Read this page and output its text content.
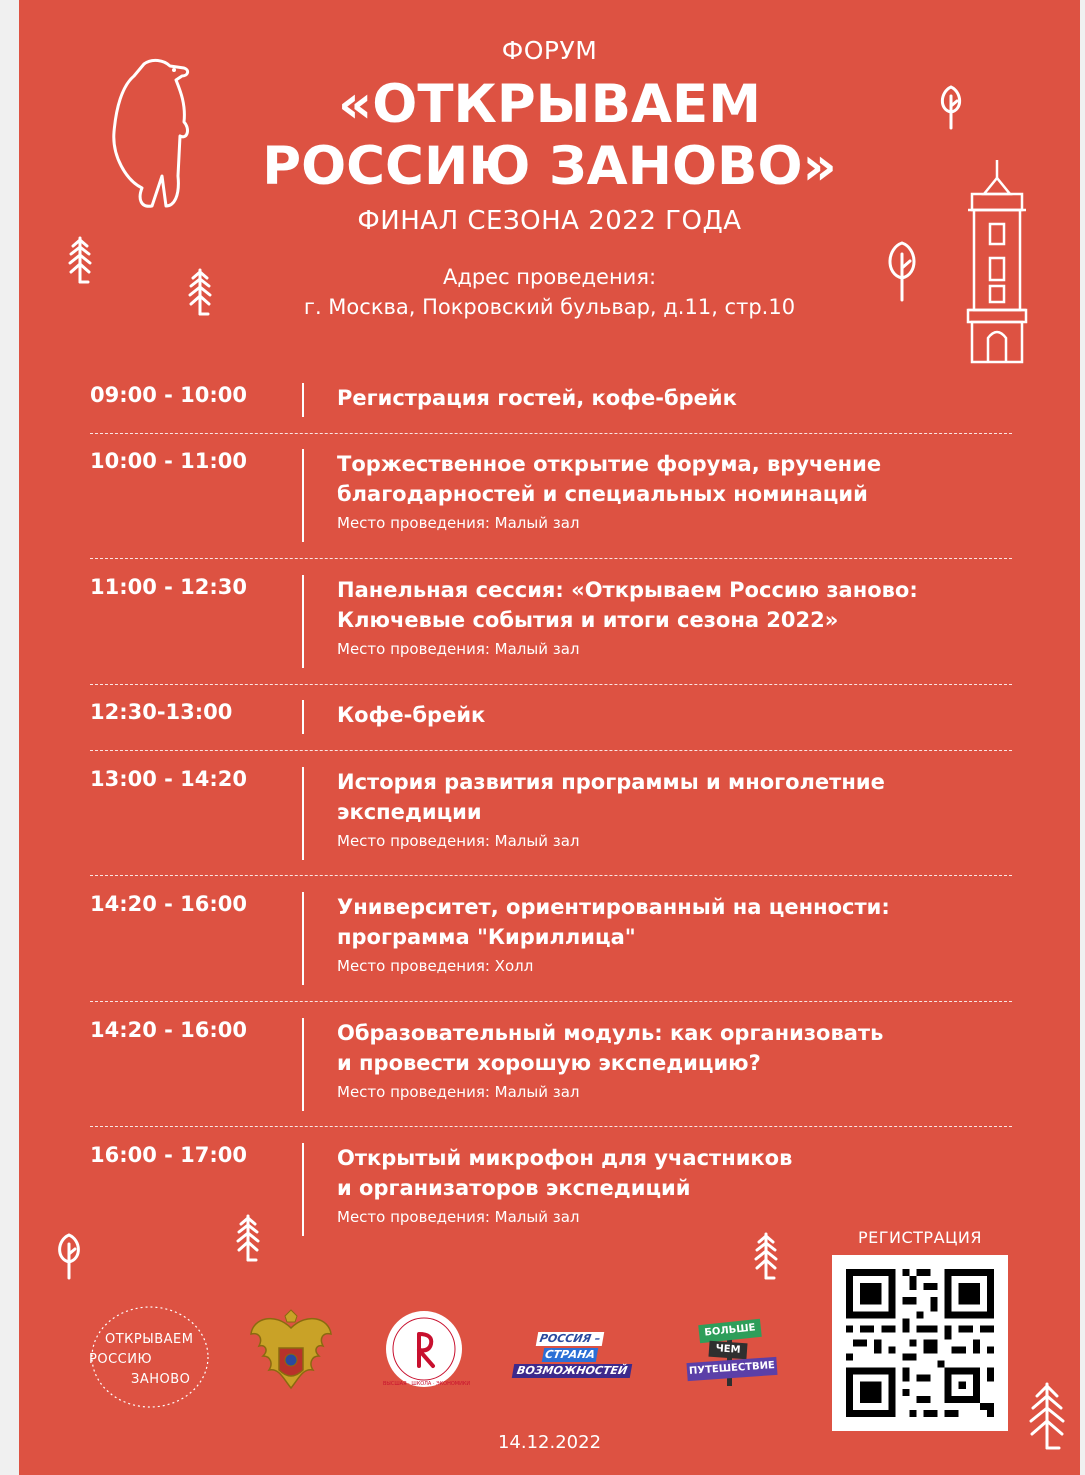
ФОРУМ
«ОТКРЫВАЕМ
РОССИЮ ЗАНОВО»
ФИНАЛ СЕЗОНА 2022 ГОДА
Адрес проведения:
г. Москва, Покровский бульвар, д.11, стр.10
09:00 - 10:00	Регистрация гостей, кофе-брейк
10:00 - 11:00	Торжественное открытие форума, вручение
благодарностей и специальных номинаций
Место проведения: Малый зал
11:00 - 12:30	Панельная сессия: «Открываем Россию заново:
Ключевые события и итоги сезона 2022»
Место проведения: Малый зал
12:30-13:00	Кофе-брейк
13:00 - 14:20	История развития программы и многолетние
экспедиции
Место проведения: Малый зал
14:20 - 16:00	Университет, ориентированный на ценности:
программа "Кириллица"
Место проведения: Холл
14:20 - 16:00	Образовательный модуль: как организовать
и провести хорошую экспедицию?
Место проведения: Малый зал
16:00 - 17:00	Открытый микрофон для участников
и организаторов экспедиций
Место проведения: Малый зал
ОТКРЫВАЕМ
РОССИЮ
ЗАНОВО	ВЫСШАЯ · ШКОЛА · ЭКОНОМИКИ
РОССИЯ –
СТРАНА
ВОЗМОЖНОСТЕЙ
БОЛЬШЕ
ЧЕМ
ПУТЕШЕСТВИЕ
РЕГИСТРАЦИЯ
14.12.2022
